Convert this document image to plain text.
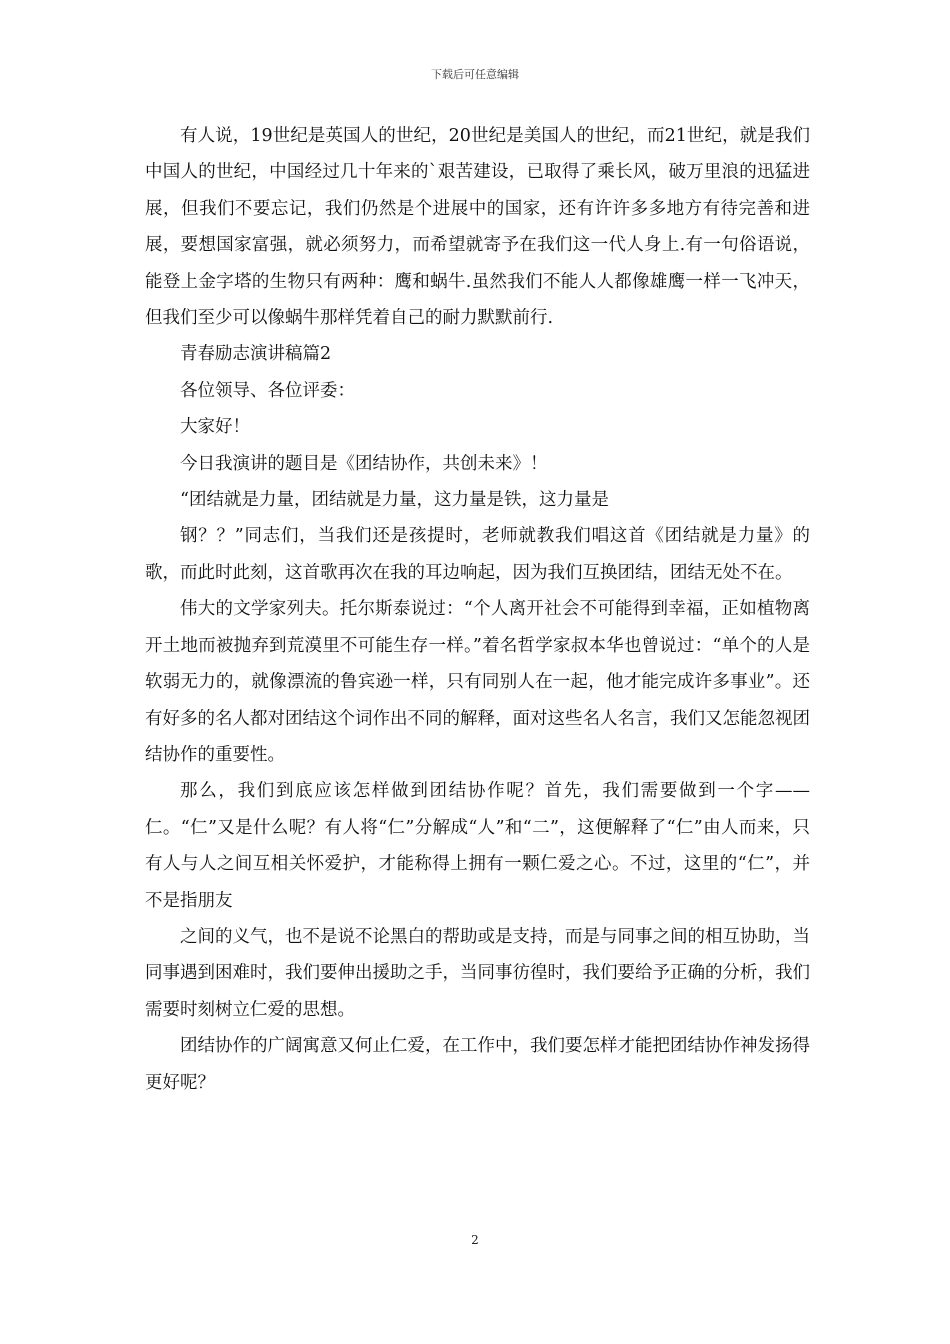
下载后可任意编辑

有人说，19世纪是英国人的世纪，20世纪是美国人的世纪，而21世纪，就是我们中国人的世纪，中国经过几十年来的`艰苦建设，已取得了乘长风，破万里浪的迅猛进展，但我们不要忘记，我们仍然是个进展中的国家，还有许许多多地方有待完善和进展，要想国家富强，就必须努力，而希望就寄予在我们这一代人身上.有一句俗语说，能登上金字塔的生物只有两种：鹰和蜗牛.虽然我们不能人人都像雄鹰一样一飞冲天，但我们至少可以像蜗牛那样凭着自己的耐力默默前行.

青春励志演讲稿篇2

各位领导、各位评委：

大家好！

今日我演讲的题目是《团结协作，共创未来》！

“团结就是力量，团结就是力量，这力量是铁，这力量是

钢？？”同志们，当我们还是孩提时，老师就教我们唱这首《团结就是力量》的歌，而此时此刻，这首歌再次在我的耳边响起，因为我们互换团结，团结无处不在。

伟大的文学家列夫。托尔斯泰说过：“个人离开社会不可能得到幸福，正如植物离开土地而被抛弃到荒漠里不可能生存一样。”着名哲学家叔本华也曾说过：“单个的人是软弱无力的，就像漂流的鲁宾逊一样，只有同别人在一起，他才能完成许多事业”。还有好多的名人都对团结这个词作出不同的解释，面对这些名人名言，我们又怎能忽视团结协作的重要性。

那么，我们到底应该怎样做到团结协作呢？首先，我们需要做到一个字——仁。“仁”又是什么呢？有人将“仁”分解成“人”和“二”，这便解释了“仁”由人而来，只有人与人之间互相关怀爱护，才能称得上拥有一颗仁爱之心。不过，这里的“仁”，并不是指朋友

之间的义气，也不是说不论黑白的帮助或是支持，而是与同事之间的相互协助，当同事遇到困难时，我们要伸出援助之手，当同事彷徨时，我们要给予正确的分析，我们需要时刻树立仁爱的思想。

团结协作的广阔寓意又何止仁爱，在工作中，我们要怎样才能把团结协作神发扬得更好呢？

2
